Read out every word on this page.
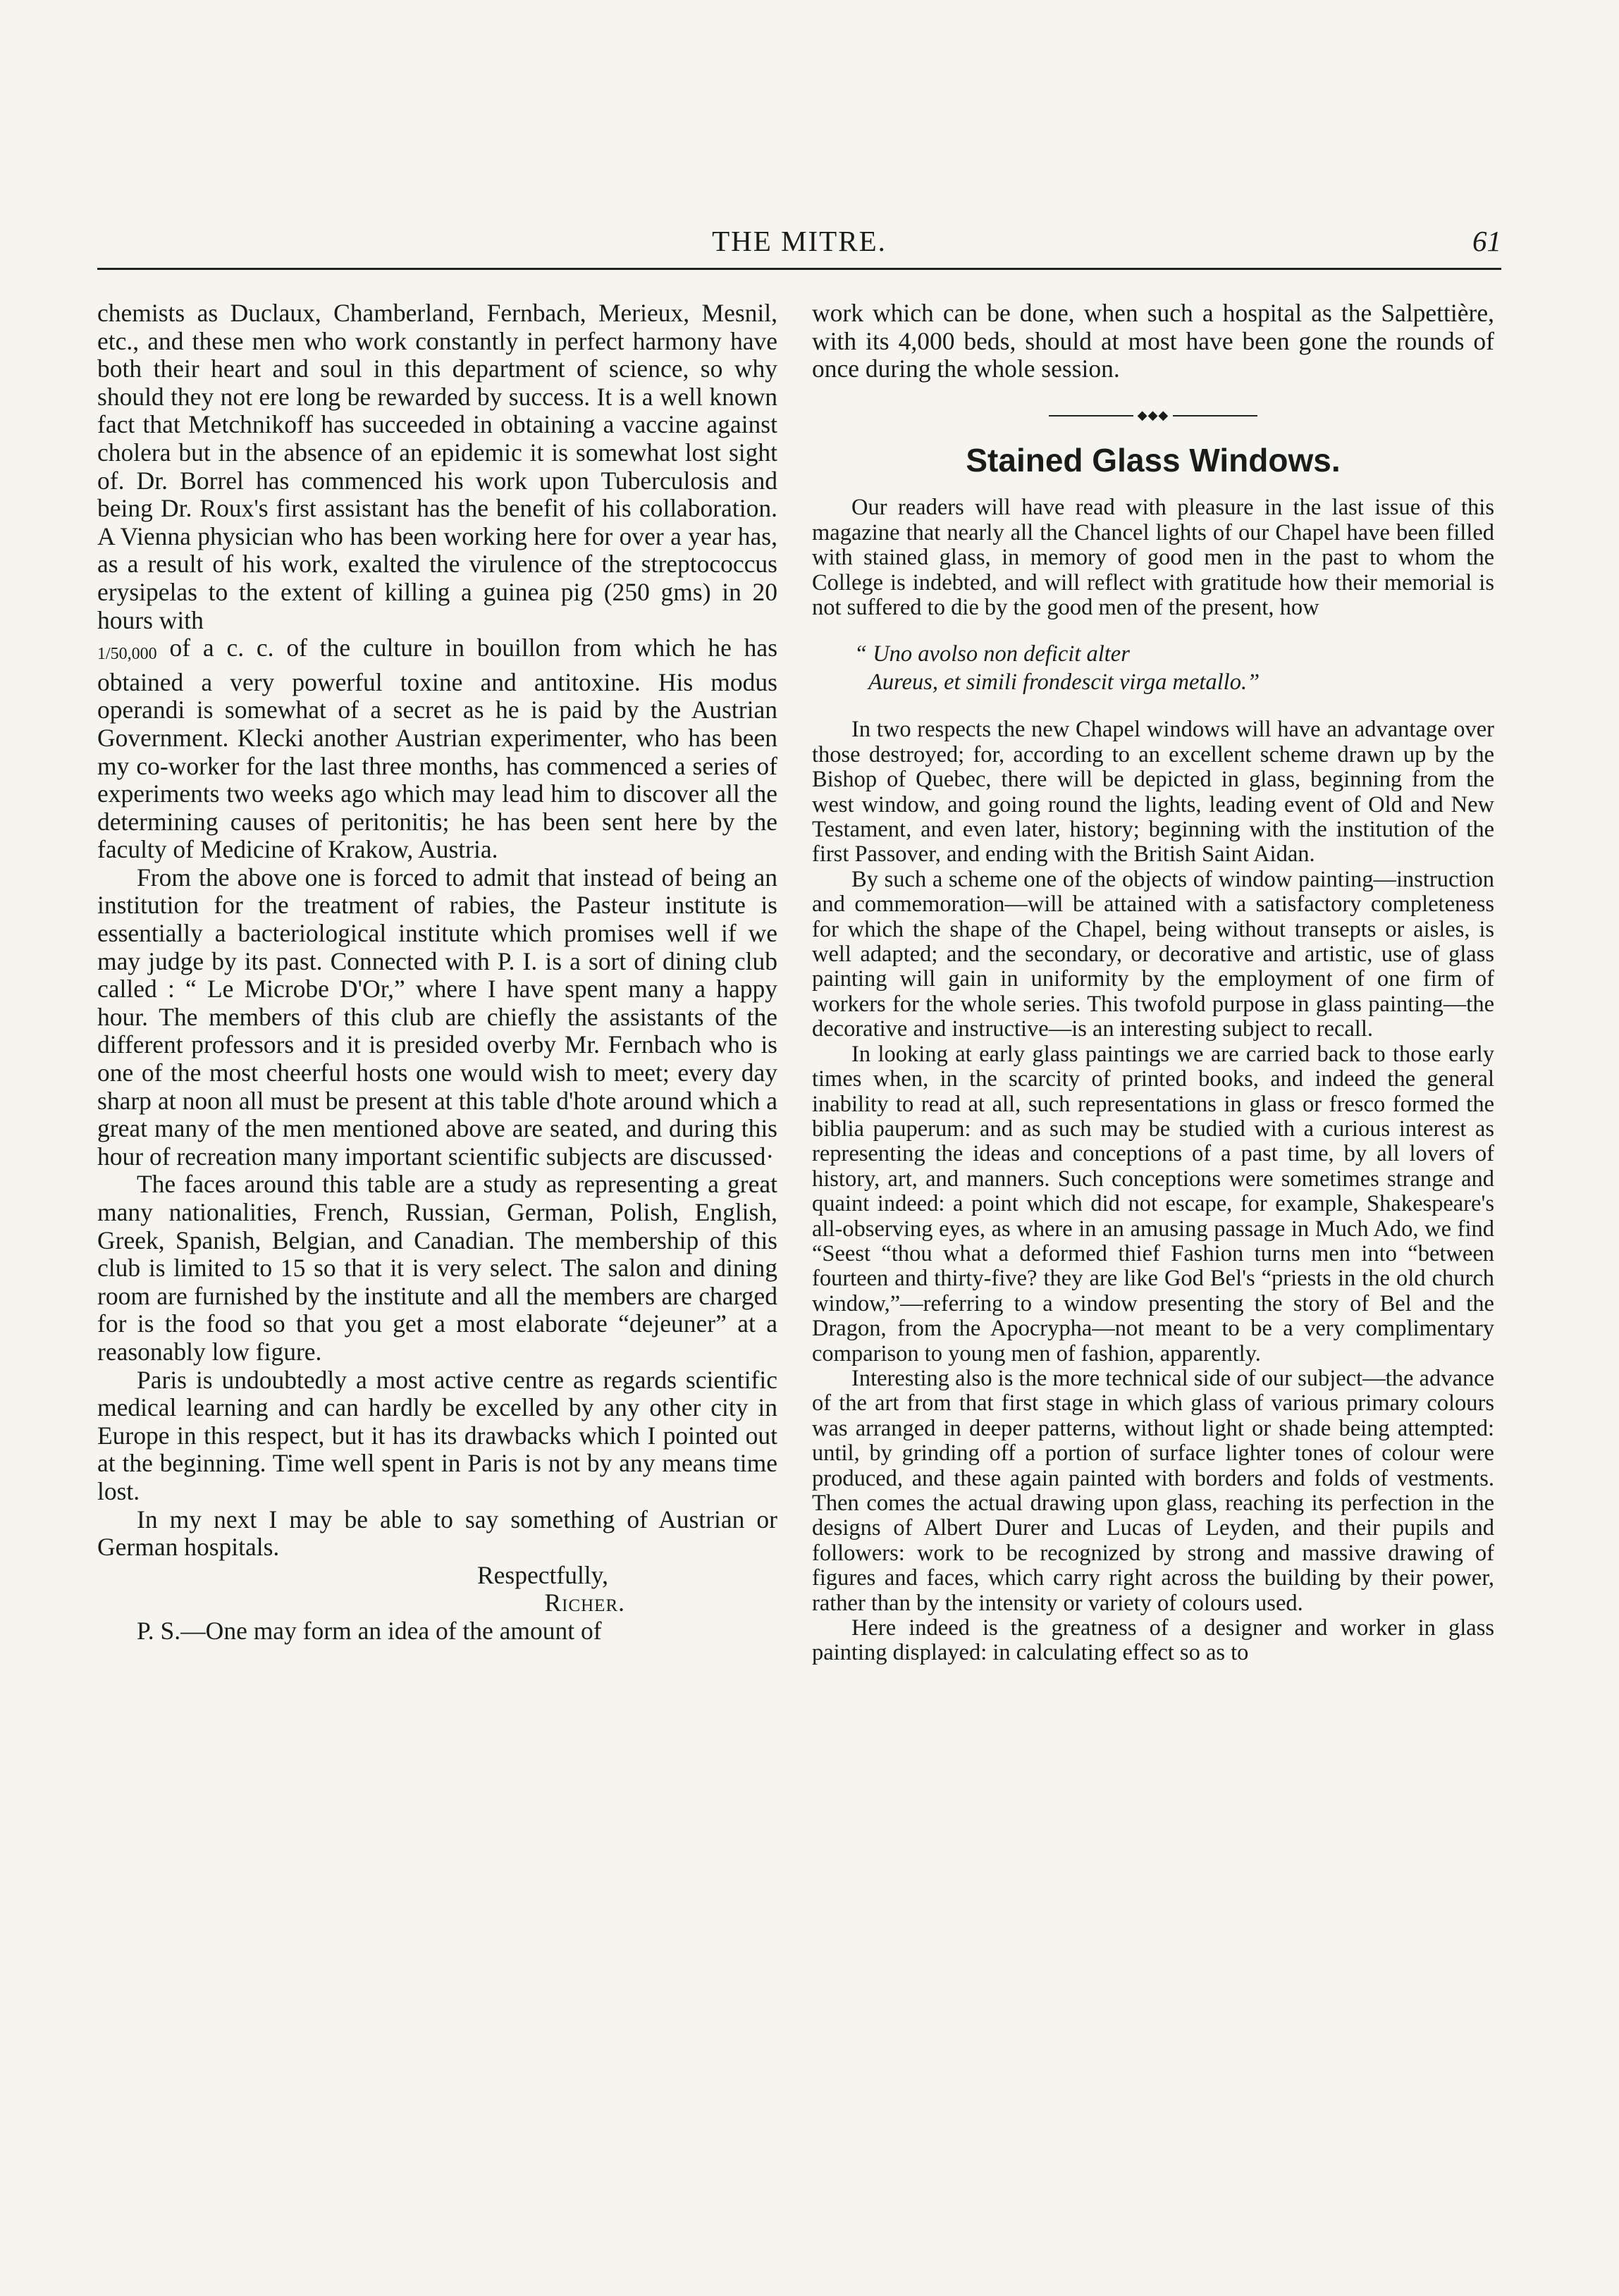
THE MITRE.	61

chemists as Duclaux, Chamberland, Fernbach, Merieux, Mesnil, etc., and these men who work constantly in perfect harmony have both their heart and soul in this department of science, so why should they not ere long be rewarded by success. It is a well known fact that Metchnikoff has succeeded in obtaining a vaccine against cholera but in the absence of an epidemic it is somewhat lost sight of. Dr. Borrel has commenced his work upon Tuberculosis and being Dr. Roux's first assistant has the benefit of his collaboration. A Vienna physician who has been working here for over a year has, as a result of his work, exalted the virulence of the streptococcus erysipelas to the extent of killing a guinea pig (250 gms) in 20 hours with

1/50,000 of a c. c. of the culture in bouillon from which he has obtained a very powerful toxine and antitoxine. His modus operandi is somewhat of a secret as he is paid by the Austrian Government. Klecki another Austrian experimenter, who has been my co-worker for the last three months, has commenced a series of experiments two weeks ago which may lead him to discover all the determining causes of peritonitis; he has been sent here by the faculty of Medicine of Krakow, Austria.

From the above one is forced to admit that instead of being an institution for the treatment of rabies, the Pasteur institute is essentially a bacteriological institute which promises well if we may judge by its past. Connected with P. I. is a sort of dining club called : “ Le Microbe D'Or,” where I have spent many a happy hour. The members of this club are chiefly the assistants of the different professors and it is presided overby Mr. Fernbach who is one of the most cheerful hosts one would wish to meet; every day sharp at noon all must be present at this table d'hote around which a great many of the men mentioned above are seated, and during this hour of recreation many important scientific subjects are discussed·

The faces around this table are a study as representing a great many nationalities, French, Russian, German, Polish, English, Greek, Spanish, Belgian, and Canadian. The membership of this club is limited to 15 so that it is very select. The salon and dining room are furnished by the institute and all the members are charged for is the food so that you get a most elaborate “dejeuner” at a reasonably low figure.

Paris is undoubtedly a most active centre as regards scientific medical learning and can hardly be excelled by any other city in Europe in this respect, but it has its drawbacks which I pointed out at the beginning. Time well spent in Paris is not by any means time lost.

In my next I may be able to say something of Austrian or German hospitals.

Respectfully,

Richer.

P. S.—One may form an idea of the amount of

work which can be done, when such a hospital as the Salpettière, with its 4,000 beds, should at most have been gone the rounds of once during the whole session.

◆◆◆
Stained Glass Windows.

Our readers will have read with pleasure in the last issue of this magazine that nearly all the Chancel lights of our Chapel have been filled with stained glass, in memory of good men in the past to whom the College is indebted, and will reflect with gratitude how their memorial is not suffered to die by the good men of the present, how

“ Uno avolso non deficit alter
Aureus, et simili frondescit virga metallo.”

In two respects the new Chapel windows will have an advantage over those destroyed; for, according to an excellent scheme drawn up by the Bishop of Quebec, there will be depicted in glass, beginning from the west window, and going round the lights, leading event of Old and New Testament, and even later, history; beginning with the institution of the first Passover, and ending with the British Saint Aidan.

By such a scheme one of the objects of window painting—instruction and commemoration—will be attained with a satisfactory completeness for which the shape of the Chapel, being without transepts or aisles, is well adapted; and the secondary, or decorative and artistic, use of glass painting will gain in uniformity by the employment of one firm of workers for the whole series. This twofold purpose in glass painting—the decorative and instructive—is an interesting subject to recall.

In looking at early glass paintings we are carried back to those early times when, in the scarcity of printed books, and indeed the general inability to read at all, such representations in glass or fresco formed the biblia pauperum: and as such may be studied with a curious interest as representing the ideas and conceptions of a past time, by all lovers of history, art, and manners. Such conceptions were sometimes strange and quaint indeed: a point which did not escape, for example, Shakespeare's all-observing eyes, as where in an amusing passage in Much Ado, we find “Seest “thou what a deformed thief Fashion turns men into “between fourteen and thirty-five? they are like God Bel's “priests in the old church window,”—referring to a window presenting the story of Bel and the Dragon, from the Apocrypha—not meant to be a very complimentary comparison to young men of fashion, apparently.

Interesting also is the more technical side of our subject—the advance of the art from that first stage in which glass of various primary colours was arranged in deeper patterns, without light or shade being attempted: until, by grinding off a portion of surface lighter tones of colour were produced, and these again painted with borders and folds of vestments. Then comes the actual drawing upon glass, reaching its perfection in the designs of Albert Durer and Lucas of Leyden, and their pupils and followers: work to be recognized by strong and massive drawing of figures and faces, which carry right across the building by their power, rather than by the intensity or variety of colours used.

Here indeed is the greatness of a designer and worker in glass painting displayed: in calculating effect so as to
